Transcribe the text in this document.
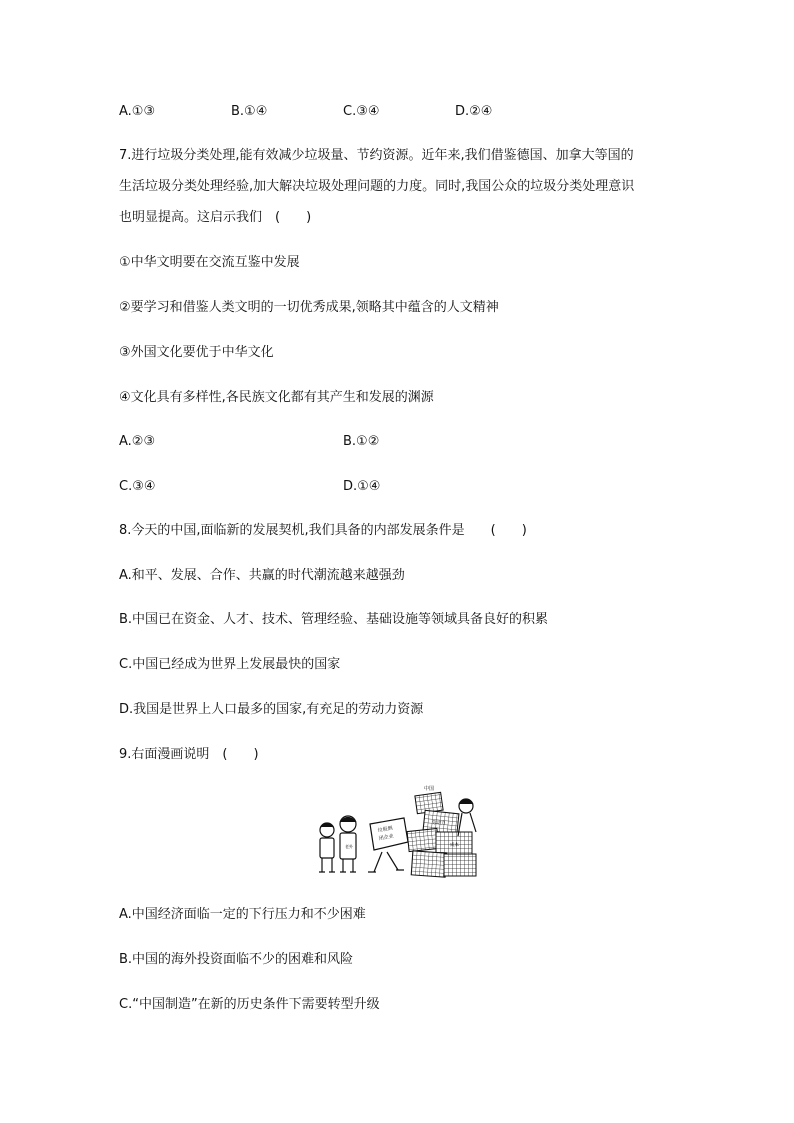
A.①③	B.①④	C.③④	D.②④
7.进行垃圾分类处理,能有效减少垃圾量、节约资源。近年来,我们借鉴德国、加拿大等国的
生活垃圾分类处理经验,加大解决垃圾处理问题的力度。同时,我国公众的垃圾分类处理意识
也明显提高。这启示我们　(　　)
①中华文明要在交流互鉴中发展
②要学习和借鉴人类文明的一切优秀成果,领略其中蕴含的人文精神
③外国文化要优于中华文化
④文化具有多样性,各民族文化都有其产生和发展的渊源
A.②③	B.①②
C.③④	D.①④
8.今天的中国,面临新的发展契机,我们具备的内部发展条件是　　(　　)
A.和平、发展、合作、共赢的时代潮流越来越强劲
B.中国已在资金、人才、技术、管理经验、基础设施等领域具备良好的积累
C.中国已经成为世界上发展最快的国家
D.我国是世界上人口最多的国家,有充足的劳动力资源
9.右面漫画说明　(　　)
老外
垃圾倒
闭企业
中国
劳动力
成本
A.中国经济面临一定的下行压力和不少困难
B.中国的海外投资面临不少的困难和风险
C.“中国制造”在新的历史条件下需要转型升级
